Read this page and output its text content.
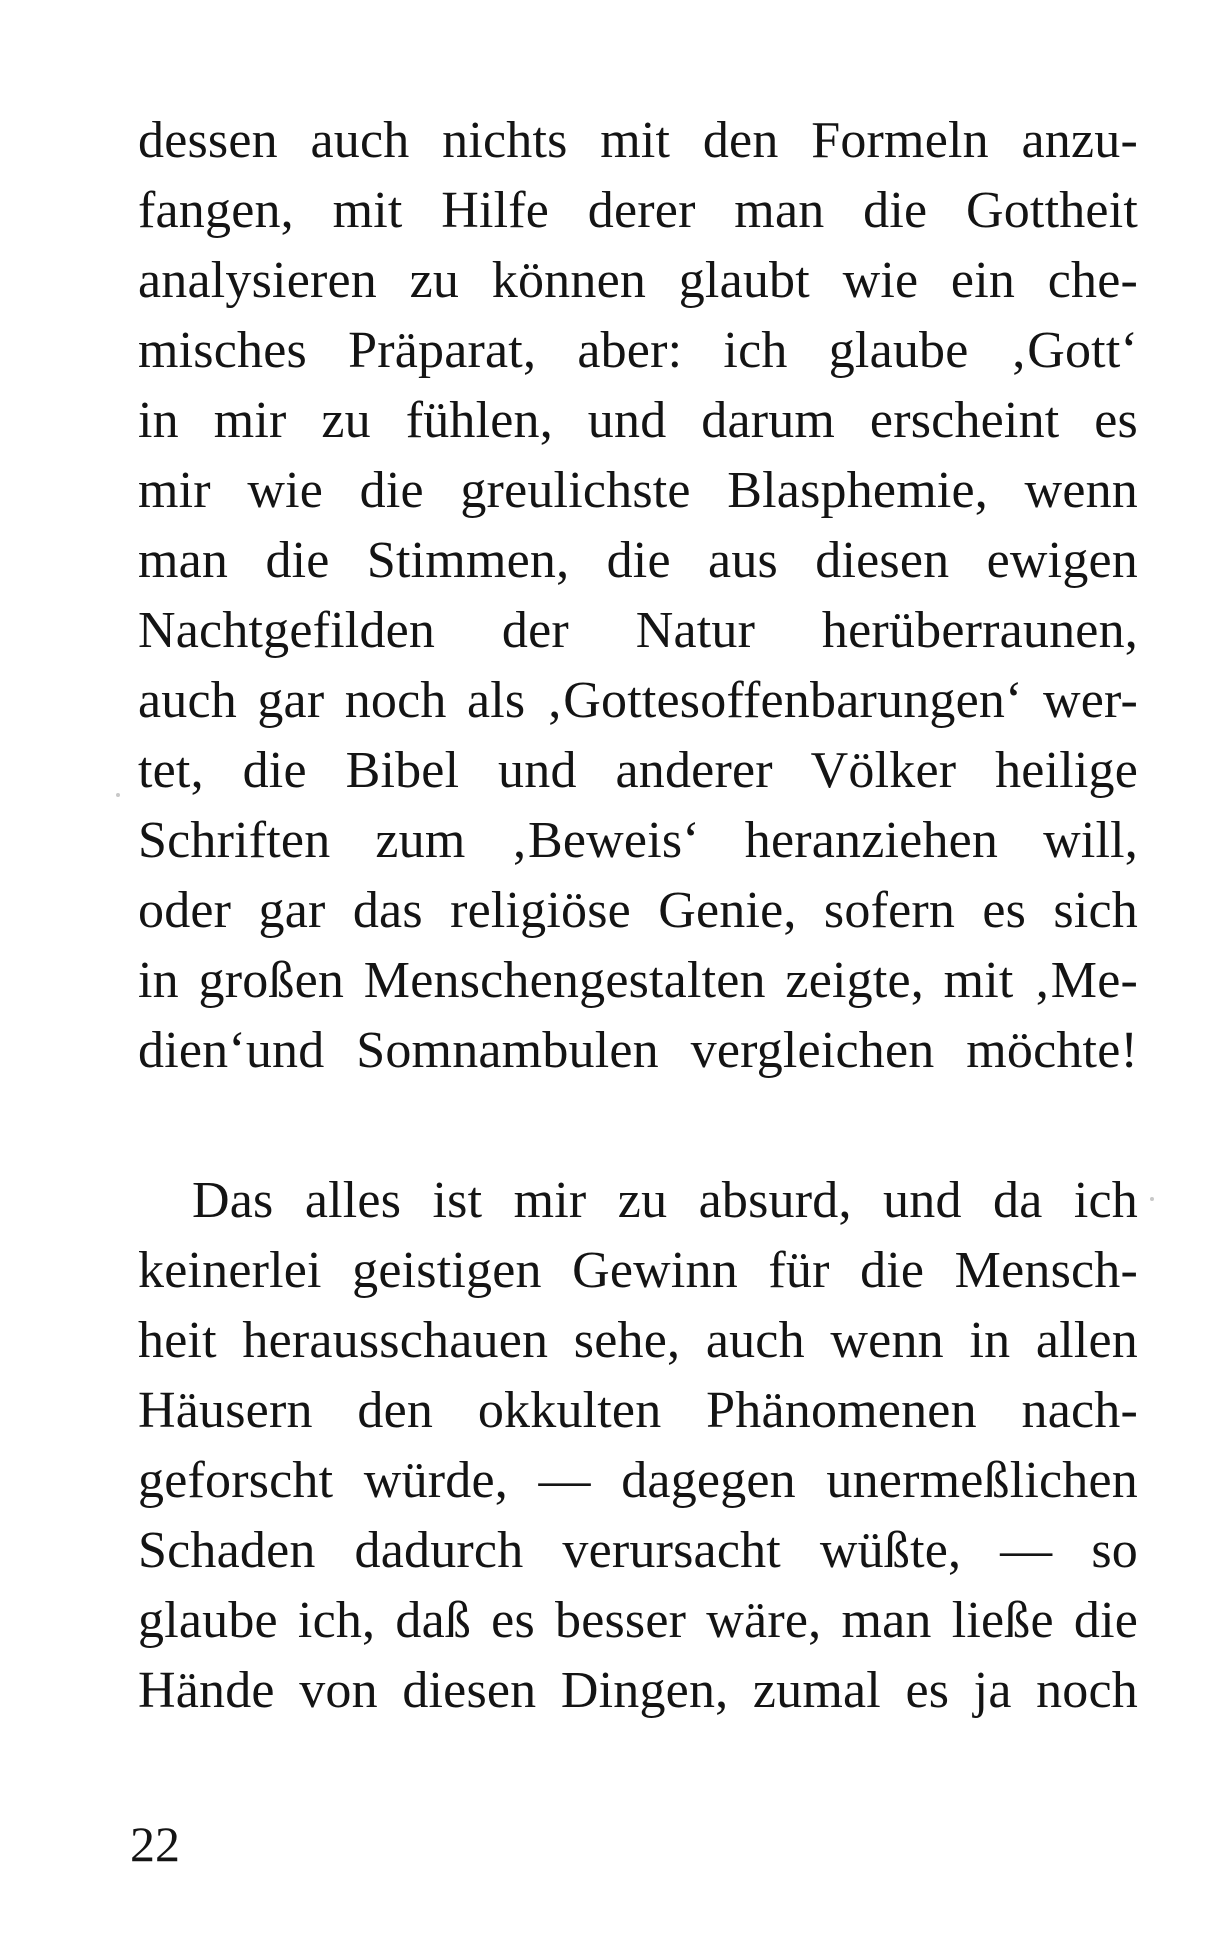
dessen auch nichts mit den Formeln anzu-
fangen, mit Hilfe derer man die Gottheit
analysieren zu können glaubt wie ein che-
misches Präparat, aber: ich glaube ‚Gott‘
in mir zu fühlen, und darum erscheint es
mir wie die greulichste Blasphemie, wenn
man die Stimmen, die aus diesen ewigen
Nachtgefilden der Natur herüberraunen,
auch gar noch als ‚Gottesoffenbarungen‘ wer-
tet, die Bibel und anderer Völker heilige
Schriften zum ‚Beweis‘ heranziehen will,
oder gar das religiöse Genie, sofern es sich
in großen Menschengestalten zeigte, mit ‚Me-
dien‘und Somnambulen vergleichen möchte!
Das alles ist mir zu absurd, und da ich
keinerlei geistigen Gewinn für die Mensch-
heit herausschauen sehe, auch wenn in allen
Häusern den okkulten Phänomenen nach-
geforscht würde, — dagegen unermeßlichen
Schaden dadurch verursacht wüßte, — so
glaube ich, daß es besser wäre, man ließe die
Hände von diesen Dingen, zumal es ja noch
22
